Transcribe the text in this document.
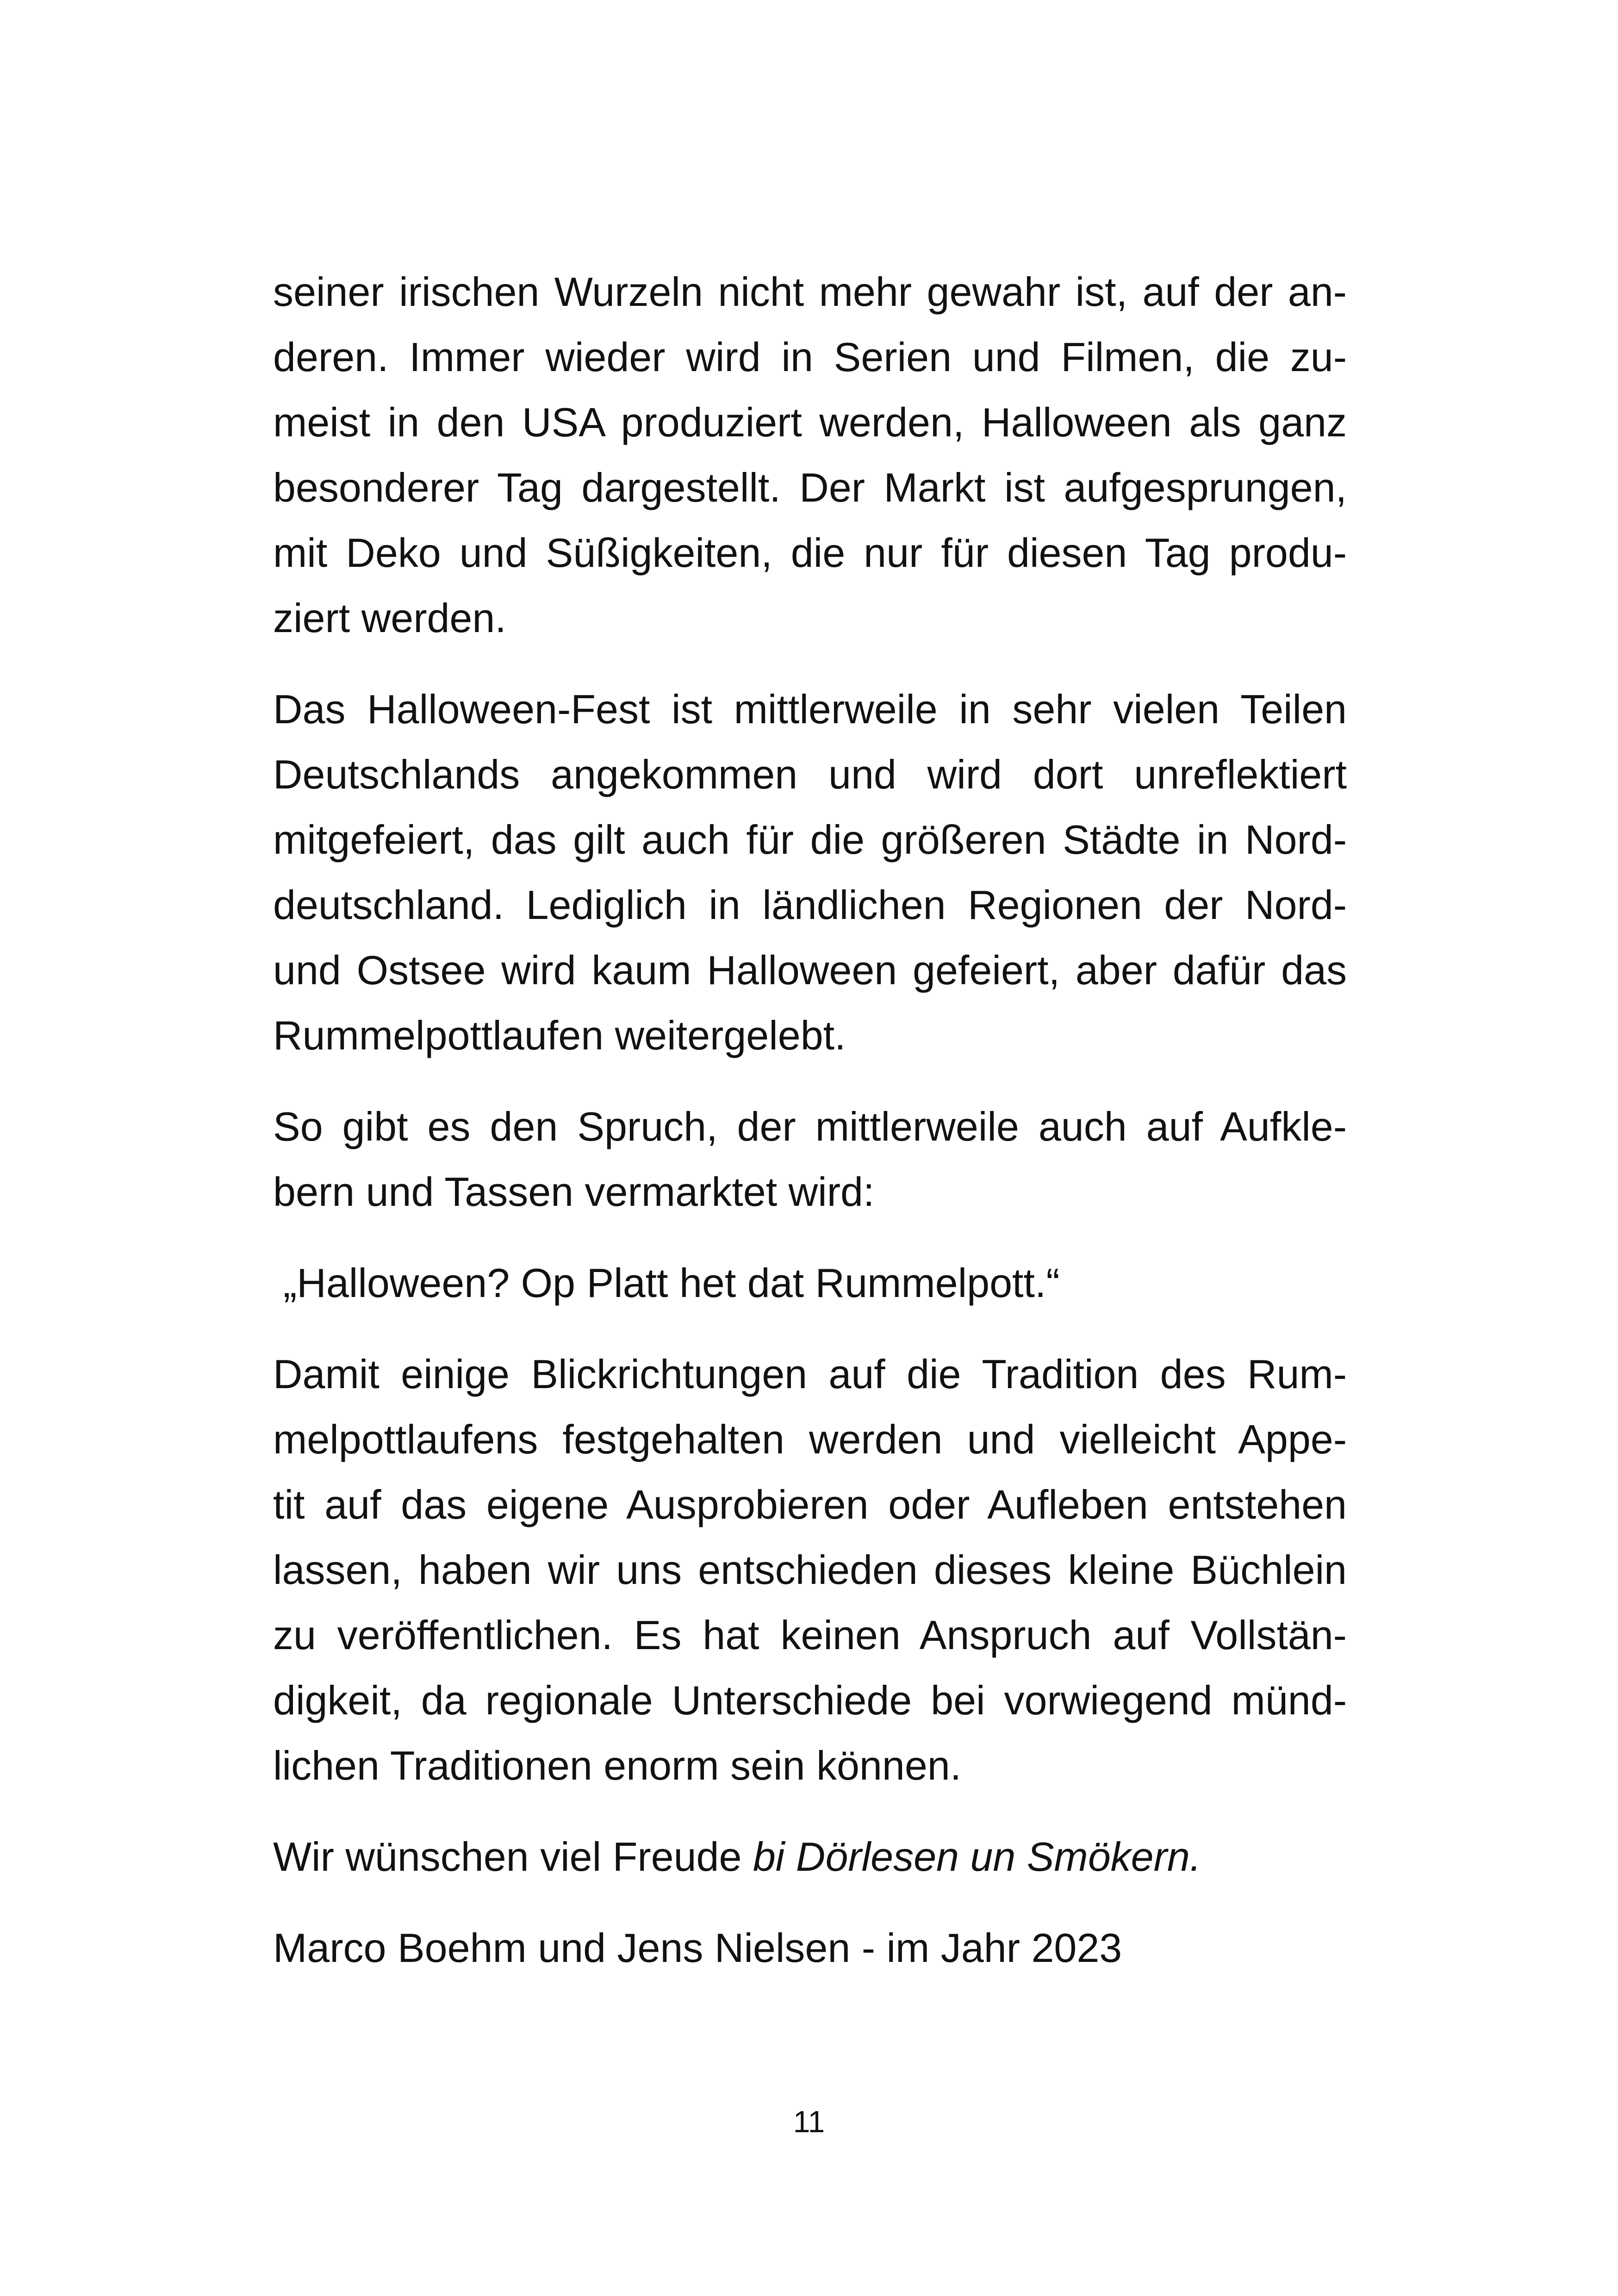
seiner irischen Wurzeln nicht mehr gewahr ist, auf der an-
deren. Immer wieder wird in Serien und Filmen, die zu-
meist in den USA produziert werden, Halloween als ganz
besonderer Tag dargestellt. Der Markt ist aufgesprungen,
mit Deko und Süßigkeiten, die nur für diesen Tag produ-
ziert werden.

Das Halloween-Fest ist mittlerweile in sehr vielen Teilen
Deutschlands angekommen und wird dort unreflektiert
mitgefeiert, das gilt auch für die größeren Städte in Nord-
deutschland. Lediglich in ländlichen Regionen der Nord-
und Ostsee wird kaum Halloween gefeiert, aber dafür das
Rummelpottlaufen weitergelebt.

So gibt es den Spruch, der mittlerweile auch auf Aufkle-
bern und Tassen vermarktet wird:

„Halloween? Op Platt het dat Rummelpott.“

Damit einige Blickrichtungen auf die Tradition des Rum-
melpottlaufens festgehalten werden und vielleicht Appe-
tit auf das eigene Ausprobieren oder Aufleben entstehen
lassen, haben wir uns entschieden dieses kleine Büchlein
zu veröffentlichen. Es hat keinen Anspruch auf Vollstän-
digkeit, da regionale Unterschiede bei vorwiegend münd-
lichen Traditionen enorm sein können.

Wir wünschen viel Freude bi Dörlesen un Smökern.

Marco Boehm und Jens Nielsen - im Jahr 2023

11
